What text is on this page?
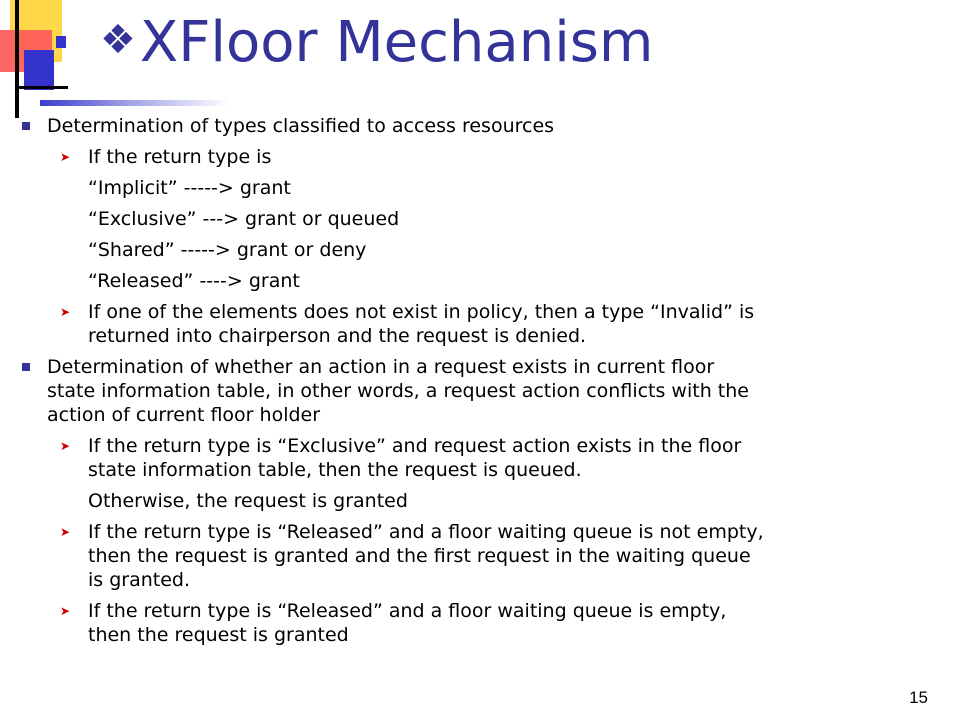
❖XFloor Mechanism
Determination of types classified to access resources
➤ If the return type is
“Implicit” -----> grant
“Exclusive” ---> grant or queued
“Shared” -----> grant or deny
“Released” ----> grant
➤ If one of the elements does not exist in policy, then a type “Invalid” is
returned into chairperson and the request is denied.
Determination of whether an action in a request exists in current floor
state information table, in other words, a request action conflicts with the
action of current floor holder
➤ If the return type is “Exclusive” and request action exists in the floor
state information table, then the request is queued.
Otherwise, the request is granted
➤ If the return type is “Released” and a floor waiting queue is not empty,
then the request is granted and the first request in the waiting queue
is granted.
➤ If the return type is “Released” and a floor waiting queue is empty,
then the request is granted
15
